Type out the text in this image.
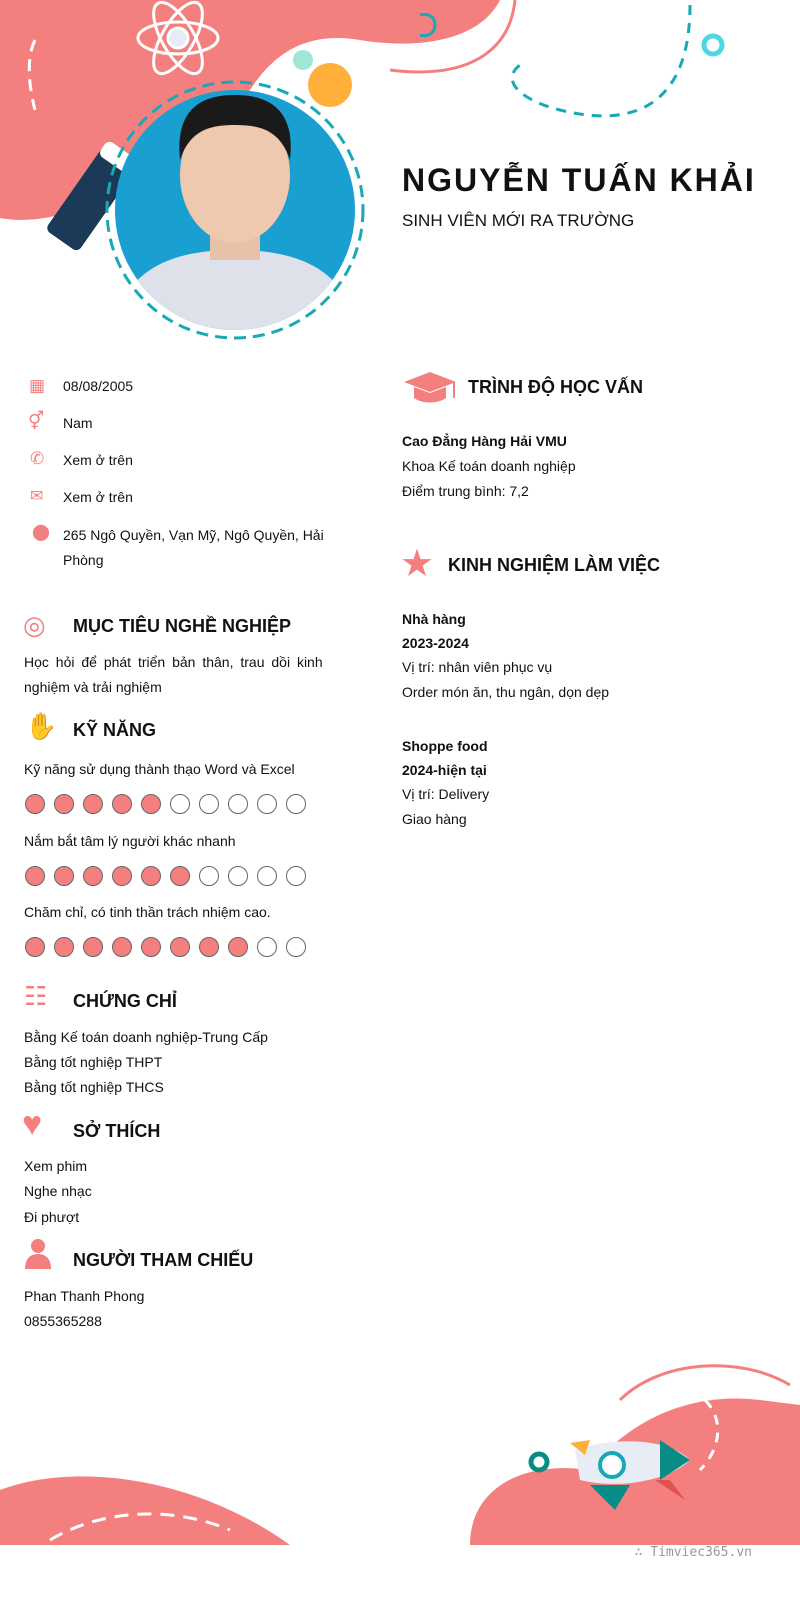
NGUYỄN TUẤN KHẢI
SINH VIÊN MỚI RA TRƯỜNG
▦ 08/08/2005
⚥ Nam
✆ Xem ở trên
✉ Xem ở trên
⬤ 265 Ngô Quyền, Vạn Mỹ, Ngô Quyền, Hải
Phòng
◎ MỤC TIÊU NGHỀ NGHIỆP
Học hỏi để phát triển bản thân, trau dồi kinh
nghiệm và trải nghiệm
✋ KỸ NĂNG
Kỹ năng sử dụng thành thạo Word và Excel
Nắm bắt tâm lý người khác nhanh
Chăm chỉ, có tinh thần trách nhiệm cao.
☷ CHỨNG CHỈ
Bằng Kế toán doanh nghiệp-Trung Cấp
Bằng tốt nghiệp THPT
Bằng tốt nghiệp THCS
♥ SỞ THÍCH
Xem phim
Nghe nhạc
Đi phượt
NGƯỜI THAM CHIẾU
Phan Thanh Phong
0855365288
TRÌNH ĐỘ HỌC VẤN
Cao Đẳng Hàng Hải VMU
Khoa Kế toán doanh nghiệp
Điểm trung bình: 7,2
★ KINH NGHIỆM LÀM VIỆC
Nhà hàng
2023-2024
Vị trí: nhân viên phục vụ
Order món ăn, thu ngân, dọn dẹp
Shoppe food
2024-hiện tại
Vị trí: Delivery
Giao hàng
∴ Timviec365.vn
